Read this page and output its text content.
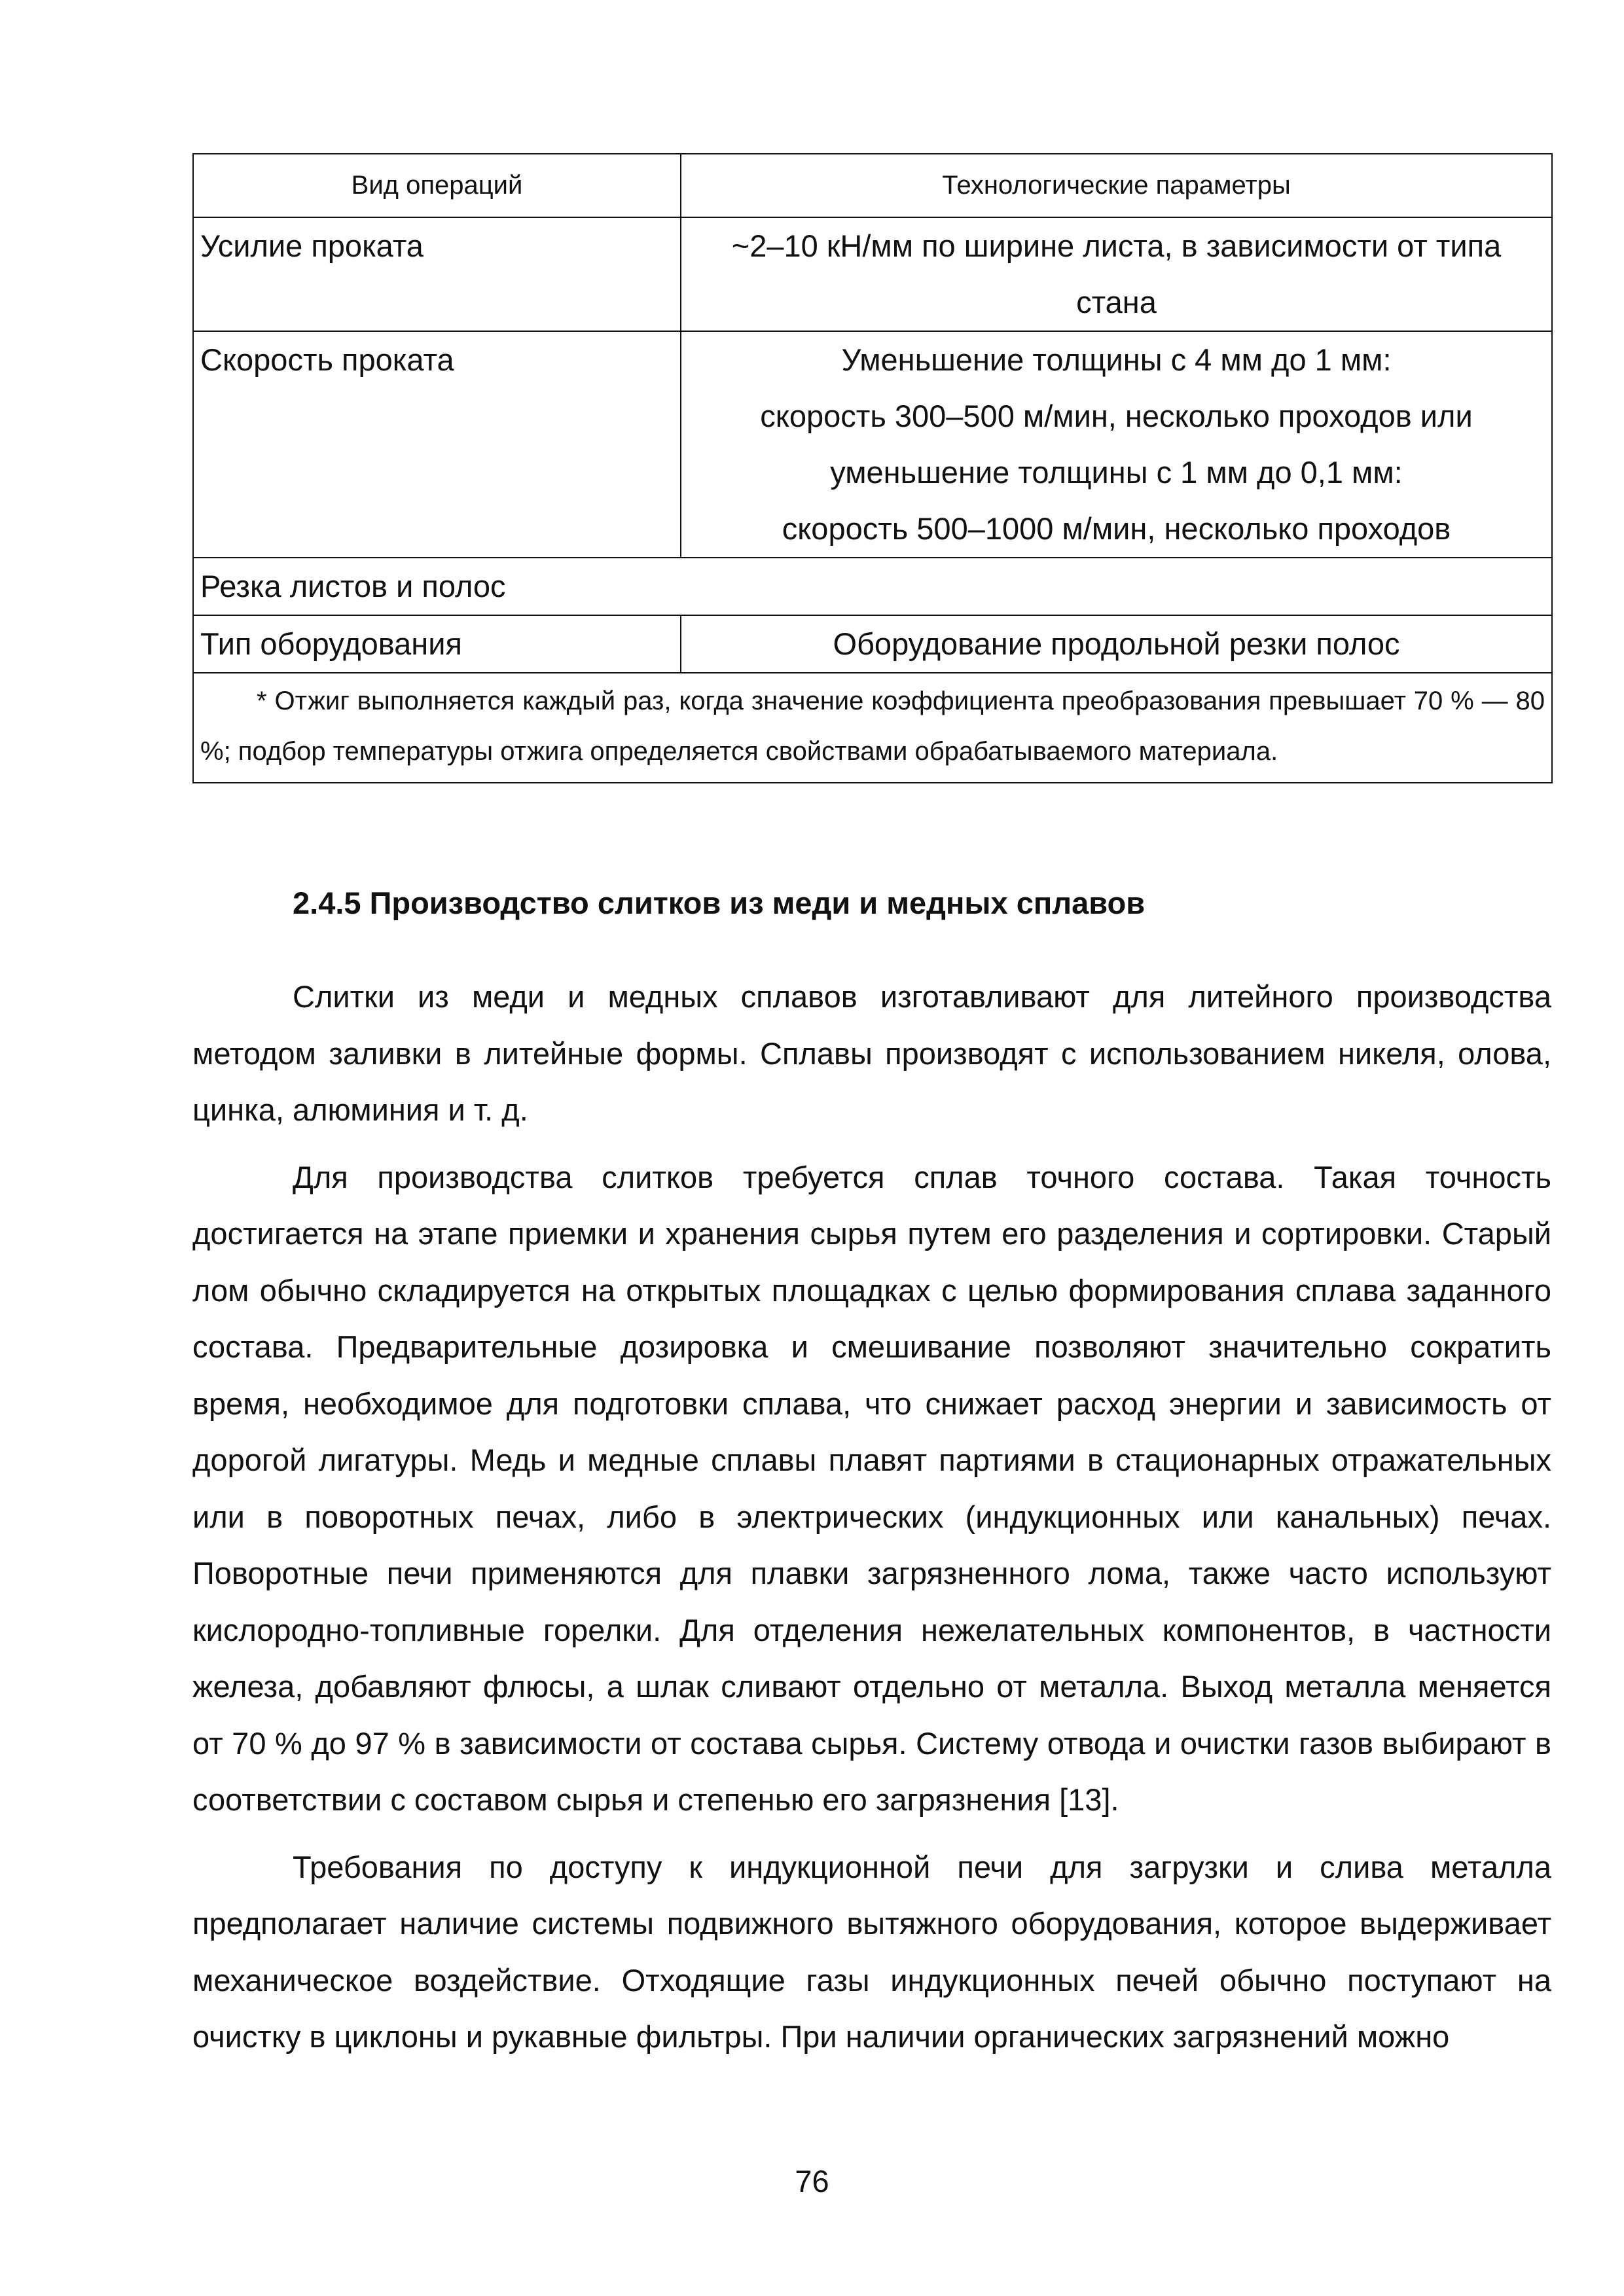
Вид операций	Технологические параметры
Усилие проката	~2–10 кН/мм по ширине листа, в зависимости от типа
стана

Скорость проката	Уменьшение толщины с 4 мм до 1 мм:
скорость 300–500 м/мин, несколько проходов или
уменьшение толщины с 1 мм до 0,1 мм:
скорость 500–1000 м/мин, несколько проходов

Резка листов и полос	
Тип оборудования	Оборудование продольной резки полос

* Отжиг выполняется каждый раз, когда значение коэффициента преобразования превышает 70 % — 80 %; подбор температуры отжига определяется свойствами обрабатываемого материала.	
2.4.5 Производство слитков из меди и медных сплавов

Слитки из меди и медных сплавов изготавливают для литейного производства методом заливки в литейные формы. Сплавы производят с использованием никеля, олова, цинка, алюминия и т. д.

Для производства слитков требуется сплав точного состава. Такая точность достигается на этапе приемки и хранения сырья путем его разделения и сортировки. Старый лом обычно складируется на открытых площадках с целью формирования сплава заданного состава. Предварительные дозировка и смешивание позволяют значительно сократить время, необходимое для подготовки сплава, что снижает расход энергии и зависимость от дорогой лигатуры. Медь и медные сплавы плавят партиями в стационарных отражательных или в поворотных печах, либо в электрических (индукционных или канальных) печах. Поворотные печи применяются для плавки загрязненного лома, также часто используют кислородно-топливные горелки. Для отделения нежелательных компонентов, в частности железа, добавляют флюсы, а шлак сливают отдельно от металла. Выход металла меняется от 70 % до 97 % в зависимости от состава сырья. Систему отвода и очистки газов выбирают в соответствии с составом сырья и степенью его загрязнения [13].

Требования по доступу к индукционной печи для загрузки и слива металла предполагает наличие системы подвижного вытяжного оборудования, которое выдерживает механическое воздействие. Отходящие газы индукционных печей обычно поступают на очистку в циклоны и рукавные фильтры. При наличии органических загрязнений можно

76
